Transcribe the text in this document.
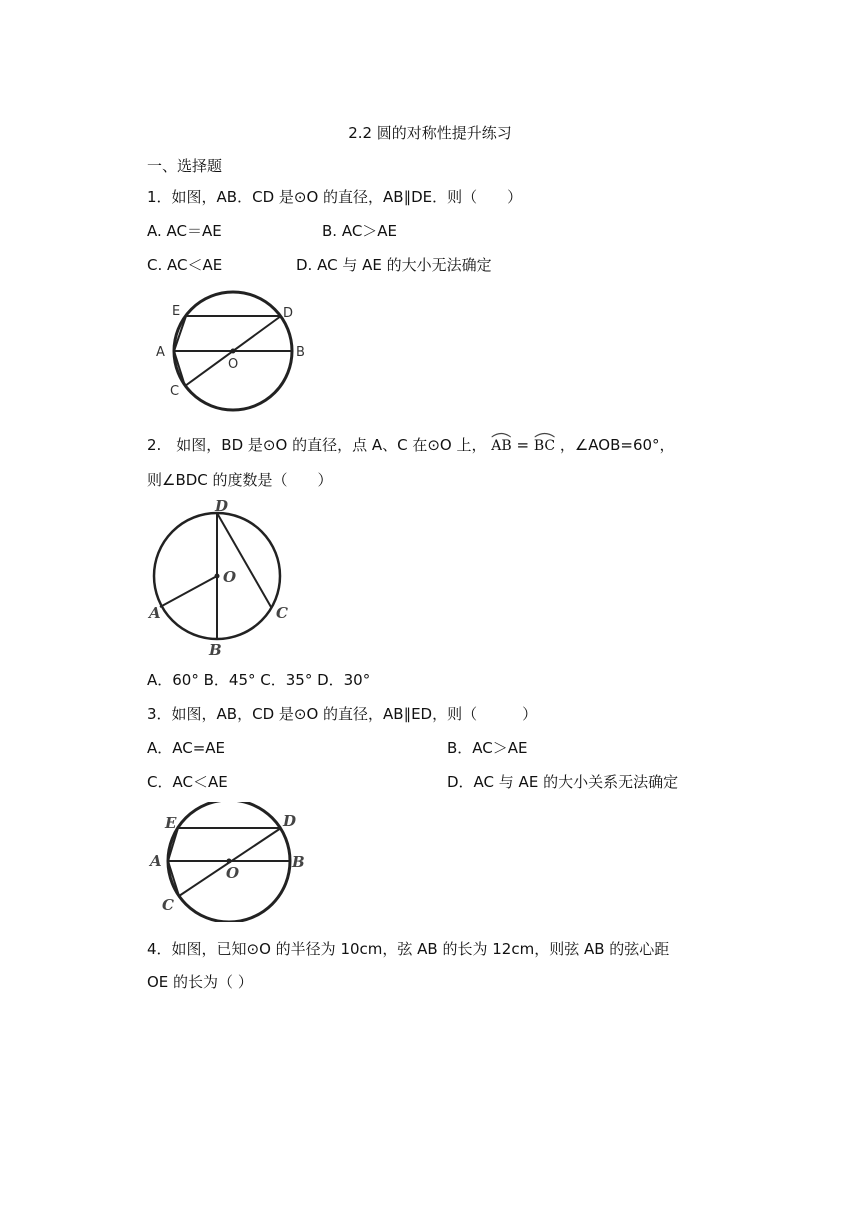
2.2 圆的对称性提升练习
一、选择题
1．如图，AB．CD 是⊙O 的直径，AB∥DE．则（　　）
A. AC＝AE	B. AC＞AE
C. AC＜AE	D. AC 与 AE 的大小无法确定
E	D
A
O
B
C
2.　如图，BD 是⊙O 的直径，点 A、C 在⊙O 上， AB = BC ，∠AOB=60°，
则∠BDC 的度数是（　　）
D
O
A	C
B
A．60° B．45° C．35° D．30°
3．如图，AB，CD 是⊙O 的直径，AB∥ED，则（　　　）
A．AC=AE	B．AC＞AE
C．AC＜AE	D．AC 与 AE 的大小关系无法确定
E	D
A
O
B
C
4．如图，已知⊙O 的半径为 10cm，弦 AB 的长为 12cm，则弦 AB 的弦心距
OE 的长为（ ）
